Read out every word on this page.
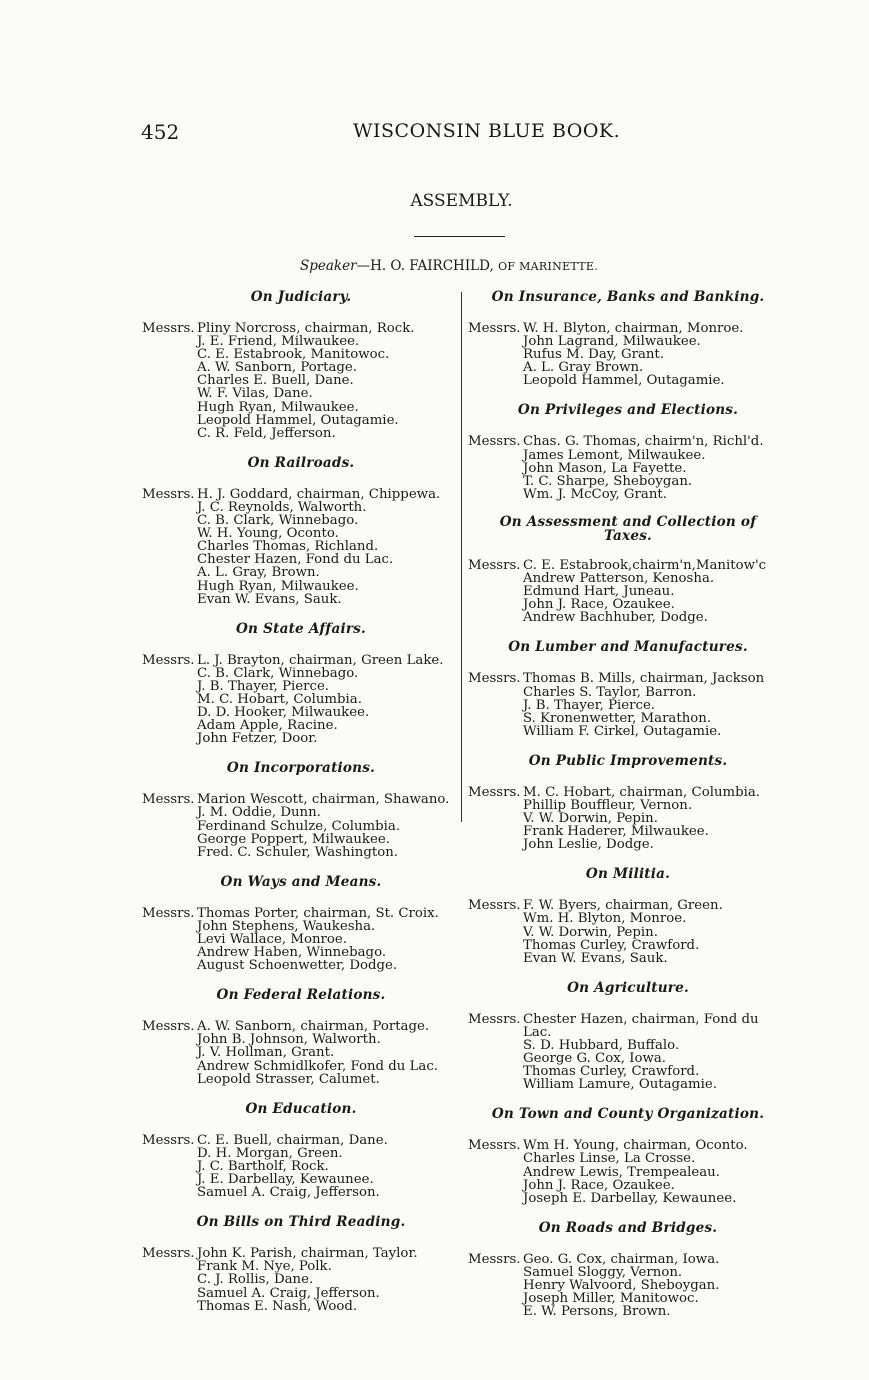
452	WISCONSIN BLUE BOOK.
ASSEMBLY.
Speaker—H. O. FAIRCHILD, OF MARINETTE.
On Judiciary.
Messrs. Pliny Norcross, chairman, Rock.
J. E. Friend, Milwaukee.
C. E. Estabrook, Manitowoc.
A. W. Sanborn, Portage.
Charles E. Buell, Dane.
W. F. Vilas, Dane.
Hugh Ryan, Milwaukee.
Leopold Hammel, Outagamie.
C. R. Feld, Jefferson.
On Railroads.
Messrs. H. J. Goddard, chairman, Chippewa.
J. C. Reynolds, Walworth.
C. B. Clark, Winnebago.
W. H. Young, Oconto.
Charles Thomas, Richland.
Chester Hazen, Fond du Lac.
A. L. Gray, Brown.
Hugh Ryan, Milwaukee.
Evan W. Evans, Sauk.
On State Affairs.
Messrs. L. J. Brayton, chairman, Green Lake.
C. B. Clark, Winnebago.
J. B. Thayer, Pierce.
M. C. Hobart, Columbia.
D. D. Hooker, Milwaukee.
Adam Apple, Racine.
John Fetzer, Door.
On Incorporations.
Messrs. Marion Wescott, chairman, Shawano.
J. M. Oddie, Dunn.
Ferdinand Schulze, Columbia.
George Poppert, Milwaukee.
Fred. C. Schuler, Washington.
On Ways and Means.
Messrs. Thomas Porter, chairman, St. Croix.
John Stephens, Waukesha.
Levi Wallace, Monroe.
Andrew Haben, Winnebago.
August Schoenwetter, Dodge.
On Federal Relations.
Messrs. A. W. Sanborn, chairman, Portage.
John B. Johnson, Walworth.
J. V. Hollman, Grant.
Andrew Schmidlkofer, Fond du Lac.
Leopold Strasser, Calumet.
On Education.
Messrs. C. E. Buell, chairman, Dane.
D. H. Morgan, Green.
J. C. Bartholf, Rock.
J. E. Darbellay, Kewaunee.
Samuel A. Craig, Jefferson.
On Bills on Third Reading.
Messrs. John K. Parish, chairman, Taylor.
Frank M. Nye, Polk.
C. J. Rollis, Dane.
Samuel A. Craig, Jefferson.
Thomas E. Nash, Wood.
On Insurance, Banks and Banking.
Messrs. W. H. Blyton, chairman, Monroe.
John Lagrand, Milwaukee.
Rufus M. Day, Grant.
A. L. Gray Brown.
Leopold Hammel, Outagamie.
On Privileges and Elections.
Messrs. Chas. G. Thomas, chairm'n, Richl'd.
James Lemont, Milwaukee.
John Mason, La Fayette.
T. C. Sharpe, Sheboygan.
Wm. J. McCoy, Grant.
On Assessment and Collection of Taxes.
Messrs. C. E. Estabrook,chairm'n,Manitow'c
Andrew Patterson, Kenosha.
Edmund Hart, Juneau.
John J. Race, Ozaukee.
Andrew Bachhuber, Dodge.
On Lumber and Manufactures.
Messrs. Thomas B. Mills, chairman, Jackson
Charles S. Taylor, Barron.
J. B. Thayer, Pierce.
S. Kronenwetter, Marathon.
William F. Cirkel, Outagamie.
On Public Improvements.
Messrs. M. C. Hobart, chairman, Columbia.
Phillip Bouffleur, Vernon.
V. W. Dorwin, Pepin.
Frank Haderer, Milwaukee.
John Leslie, Dodge.
On Militia.
Messrs. F. W. Byers, chairman, Green.
Wm. H. Blyton, Monroe.
V. W. Dorwin, Pepin.
Thomas Curley, Crawford.
Evan W. Evans, Sauk.
On Agriculture.
Messrs. Chester Hazen, chairman, Fond du
Lac.
S. D. Hubbard, Buffalo.
George G. Cox, Iowa.
Thomas Curley, Crawford.
William Lamure, Outagamie.
On Town and County Organization.
Messrs. Wm H. Young, chairman, Oconto.
Charles Linse, La Crosse.
Andrew Lewis, Trempealeau.
John J. Race, Ozaukee.
Joseph E. Darbellay, Kewaunee.
On Roads and Bridges.
Messrs. Geo. G. Cox, chairman, Iowa.
Samuel Sloggy, Vernon.
Henry Walvoord, Sheboygan.
Joseph Miller, Manitowoc.
E. W. Persons, Brown.
